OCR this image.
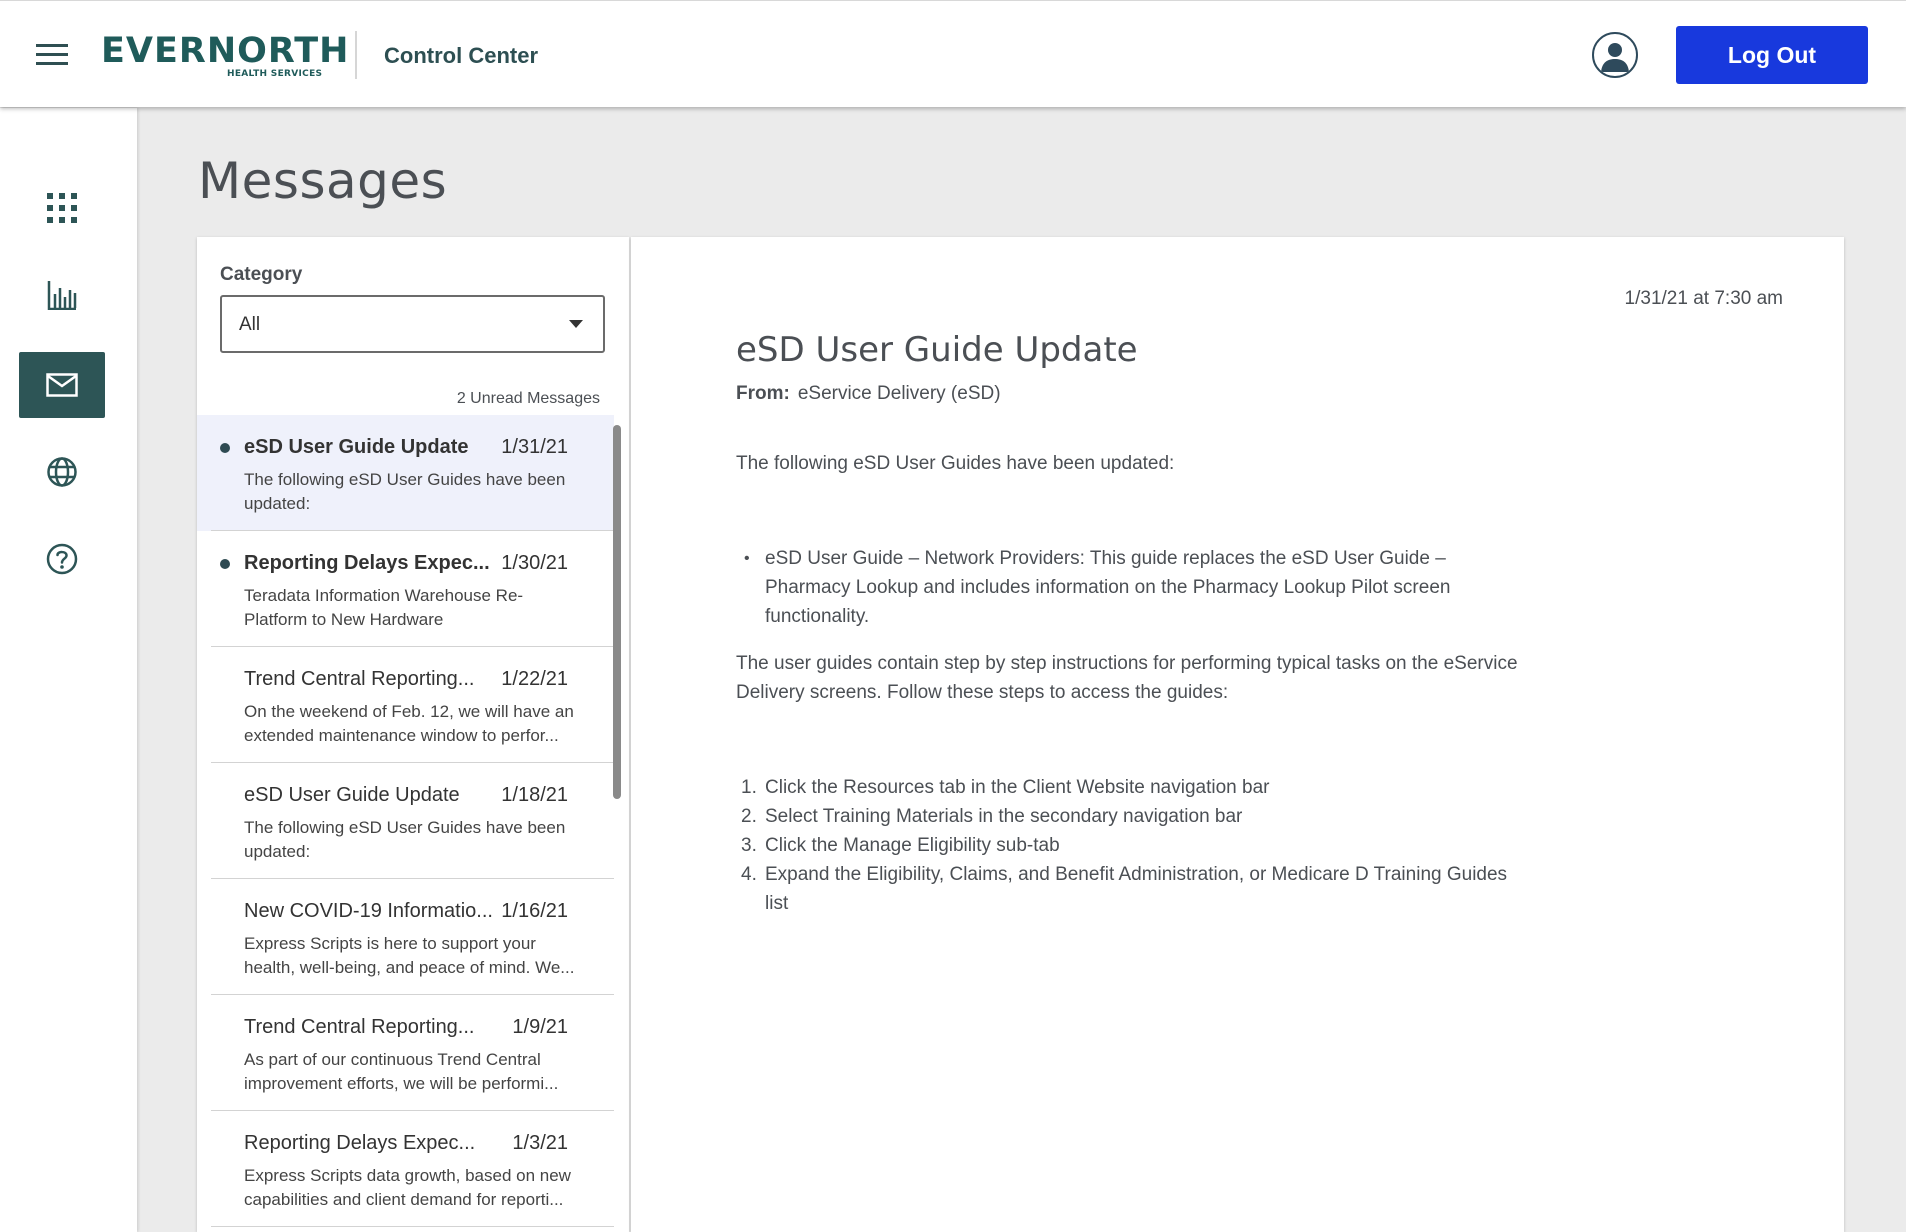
EVERNORTH
HEALTH SERVICES
Control Center	Log Out
Messages
Category
All
2 Unread Messages
eSD User Guide Update 1/31/21
The following eSD User Guides have been updated:
Reporting Delays Expec... 1/30/21
Teradata Information Warehouse Re-Platform to New Hardware
Trend Central Reporting... 1/22/21
On the weekend of Feb. 12, we will have an extended maintenance window to perfor...
eSD User Guide Update 1/18/21
The following eSD User Guides have been updated:
New COVID-19 Informatio... 1/16/21
Express Scripts is here to support your health, well-being, and peace of mind. We...
Trend Central Reporting... 1/9/21
As part of our continuous Trend Central improvement efforts, we will be performi...
Reporting Delays Expec... 1/3/21
Express Scripts data growth, based on new capabilities and client demand for reporti...
1/31/21 at 7:30 am
eSD User Guide Update
From: eService Delivery (eSD)

The following eSD User Guides have been updated:

• eSD User Guide – Network Providers: This guide replaces the eSD User Guide – Pharmacy Lookup and includes information on the Pharmacy Lookup Pilot screen functionality.

The user guides contain step by step instructions for performing typical tasks on the eService Delivery screens. Follow these steps to access the guides:

1. Click the Resources tab in the Client Website navigation bar
2. Select Training Materials in the secondary navigation bar
3. Click the Manage Eligibility sub-tab
4. Expand the Eligibility, Claims, and Benefit Administration, or Medicare D Training Guides list
